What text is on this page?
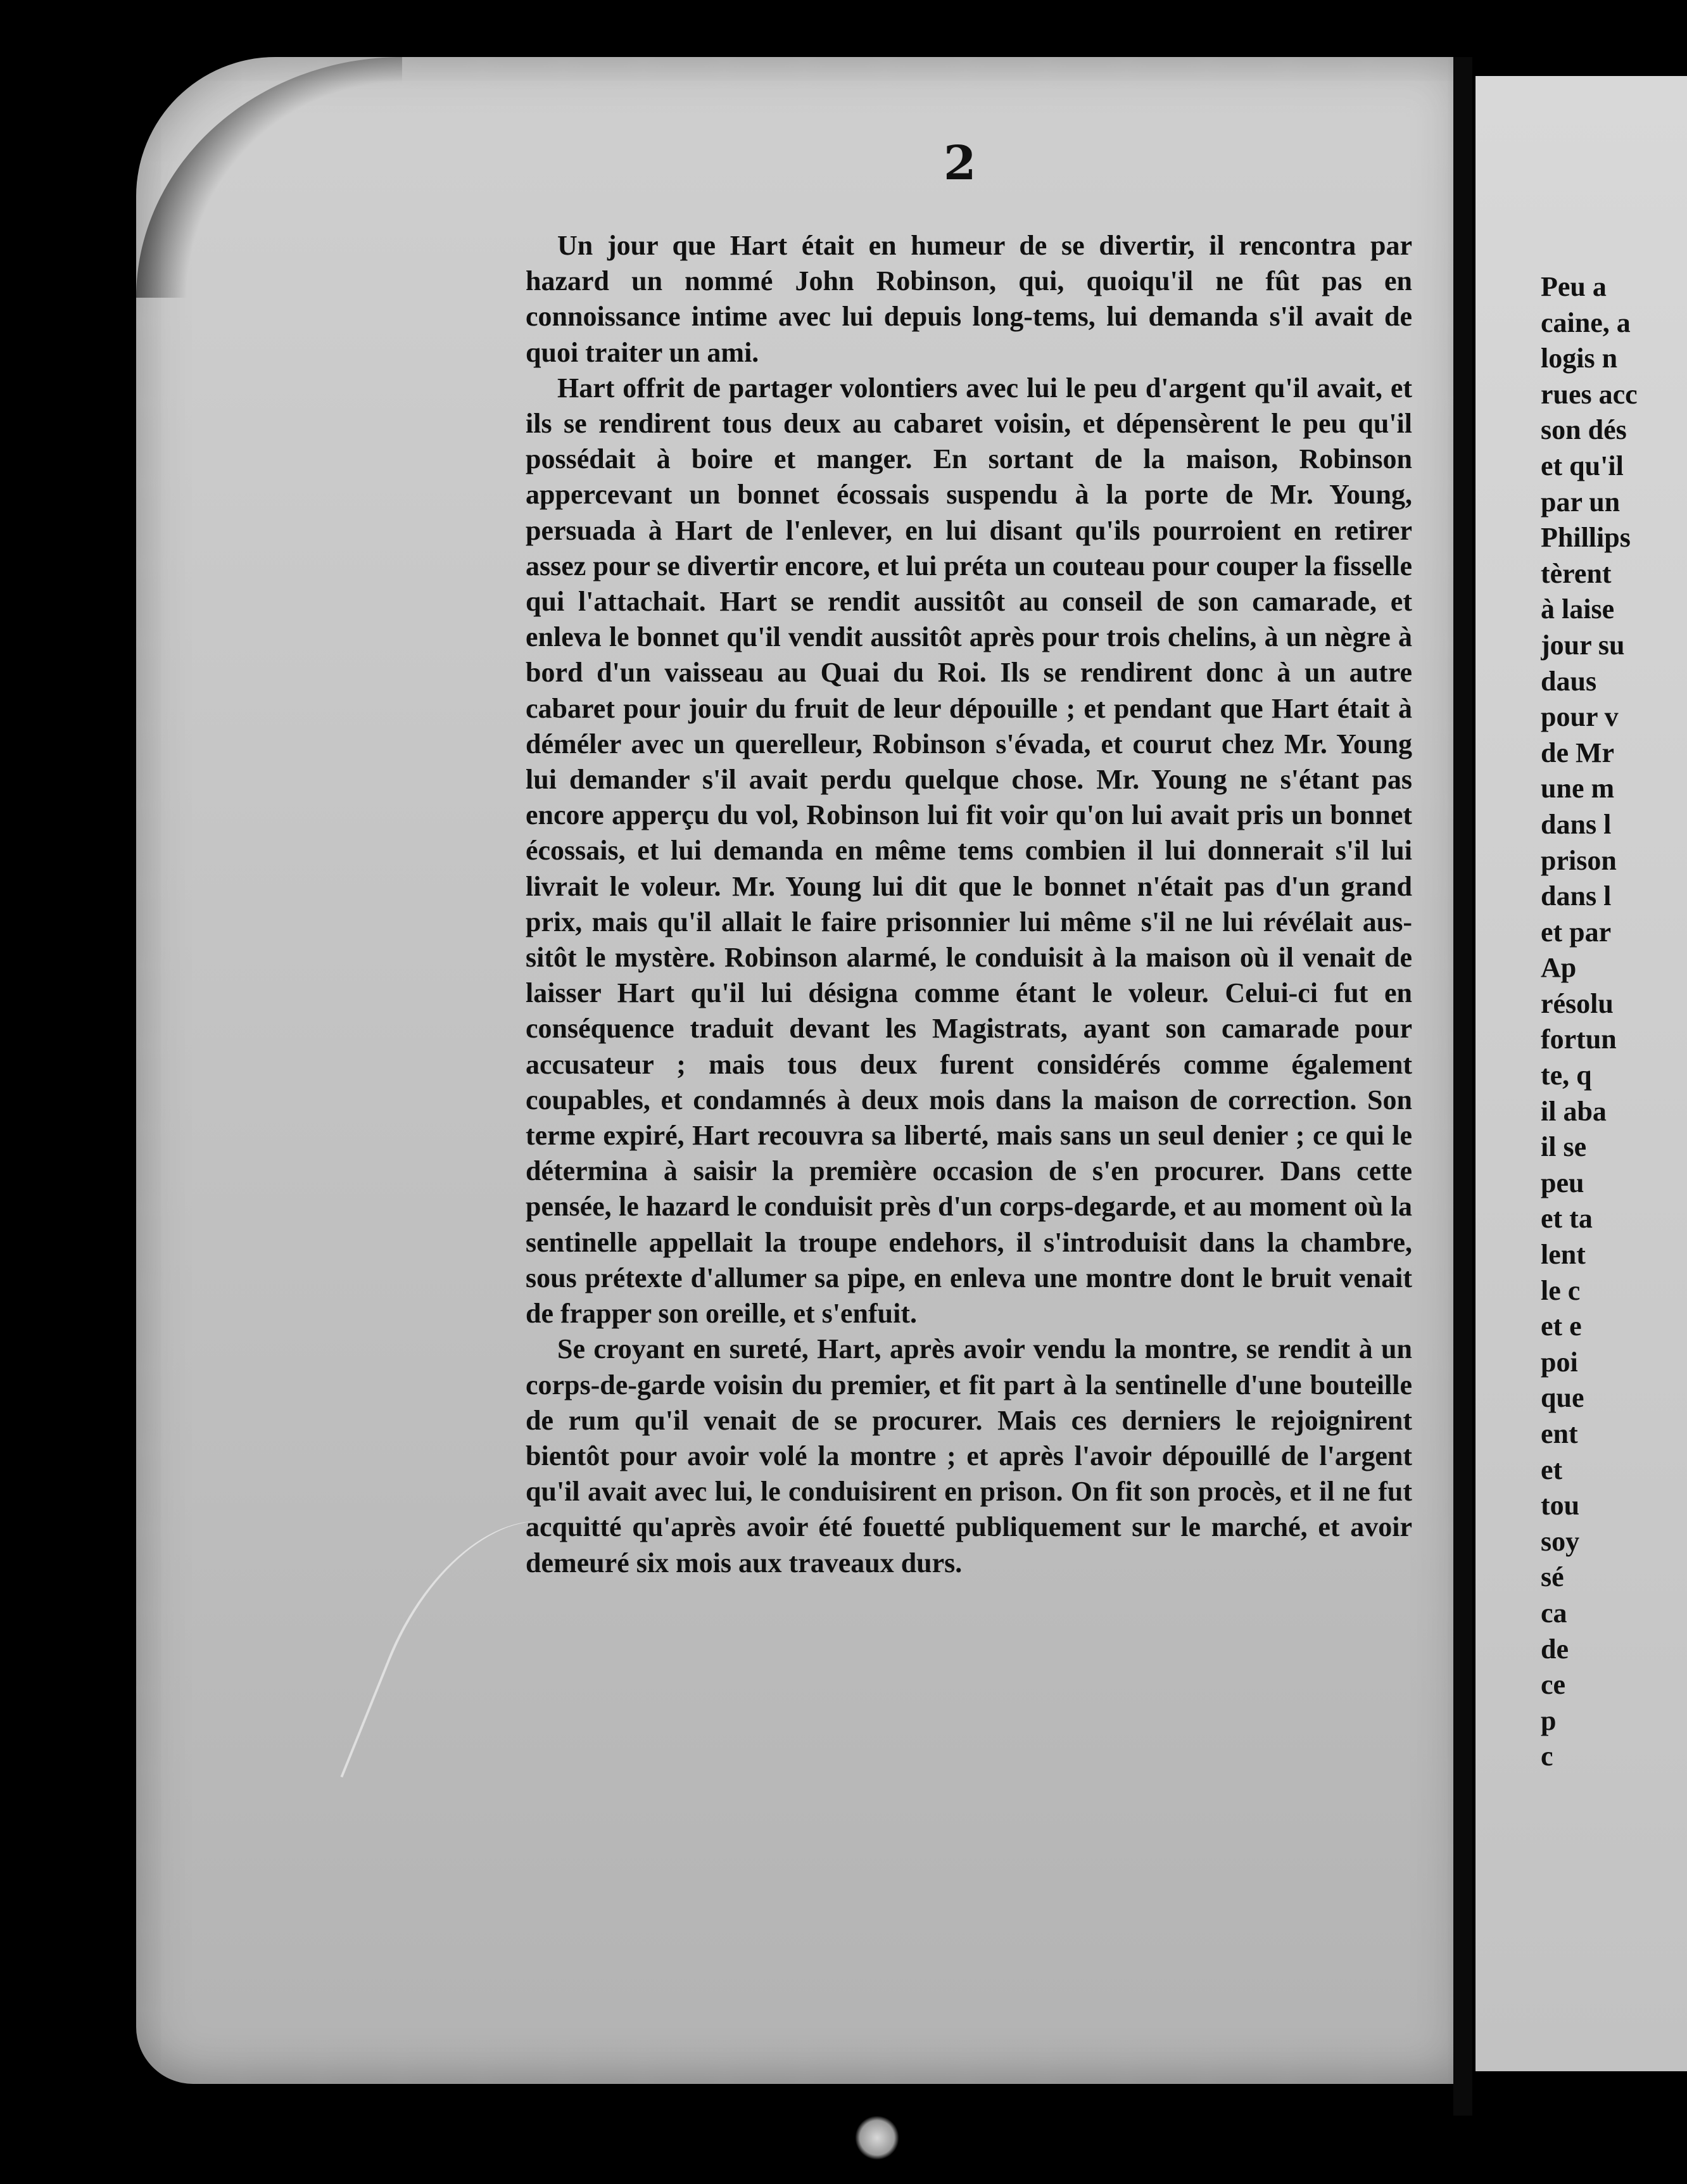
2

Un jour que Hart était en humeur de se divertir, il rencontra par hazard un nommé John Robinson, qui, quoiqu'il ne fût pas en connoissance intime avec lui depuis long-tems, lui demanda s'il avait de quoi traiter un ami.

Hart offrit de partager volontiers avec lui le peu d'argent qu'il avait, et ils se rendirent tous deux au cabaret voisin, et dépensèrent le peu qu'il possédait à boire et manger. En sortant de la maison, Robinson appercevant un bonnet écossais suspendu à la porte de Mr. Young, persuada à Hart de l'enlever, en lui disant qu'ils pourroient en retirer assez pour se divertir encore, et lui préta un couteau pour couper la fisselle qui l'attachait. Hart se rendit aussitôt au conseil de son camarade, et enleva le bonnet qu'il vendit aussitôt après pour trois chelins, à un nègre à bord d'un vaisseau au Quai du Roi. Ils se rendirent donc à un autre cabaret pour jouir du fruit de leur dépouille ; et pendant que Hart était à déméler avec un querelleur, Robinson s'évada, et courut chez Mr. Young lui demander s'il avait perdu quelque chose. Mr. Young ne s'étant pas encore apperçu du vol, Robinson lui fit voir qu'on lui avait pris un bonnet écossais, et lui demanda en même tems combien il lui donnerait s'il lui livrait le voleur. Mr. Young lui dit que le bonnet n'était pas d'un grand prix, mais qu'il allait le faire prisonnier lui même s'il ne lui révélait aussitôt le mystère. Robinson alarmé, le conduisit à la maison où il venait de laisser Hart qu'il lui désigna comme étant le voleur. Celui-ci fut en conséquence traduit devant les Magistrats, ayant son camarade pour accusateur ; mais tous deux furent considérés comme également coupables, et condamnés à deux mois dans la maison de correction. Son terme expiré, Hart recouvra sa liberté, mais sans un seul denier ; ce qui le détermina à saisir la première occasion de s'en procurer. Dans cette pensée, le hazard le conduisit près d'un corps-degarde, et au moment où la sentinelle appellait la troupe endehors, il s'introduisit dans la chambre, sous prétexte d'allumer sa pipe, en enleva une montre dont le bruit venait de frapper son oreille, et s'enfuit.

Se croyant en sureté, Hart, après avoir vendu la montre, se rendit à un corps-de-garde voisin du premier, et fit part à la sentinelle d'une bouteille de rum qu'il venait de se procurer. Mais ces derniers le rejoignirent bientôt pour avoir volé la montre ; et après l'avoir dépouillé de l'argent qu'il avait avec lui, le conduisirent en prison. On fit son procès, et il ne fut acquitté qu'après avoir été fouetté publiquement sur le marché, et avoir demeuré six mois aux traveaux durs.

Peu a
caine, a
logis n
rues acc
son dés
et qu'il
par un
Phillips
tèrent
à laise
jour su
daus
pour v
de Mr
une m
dans l
prison
dans l
et par
Ap
résolu
fortun
te, q
il aba
il se
peu
et ta
lent
le c
et e
poi
que
ent
et
tou
soy
sé
ca
de
ce
p
c
